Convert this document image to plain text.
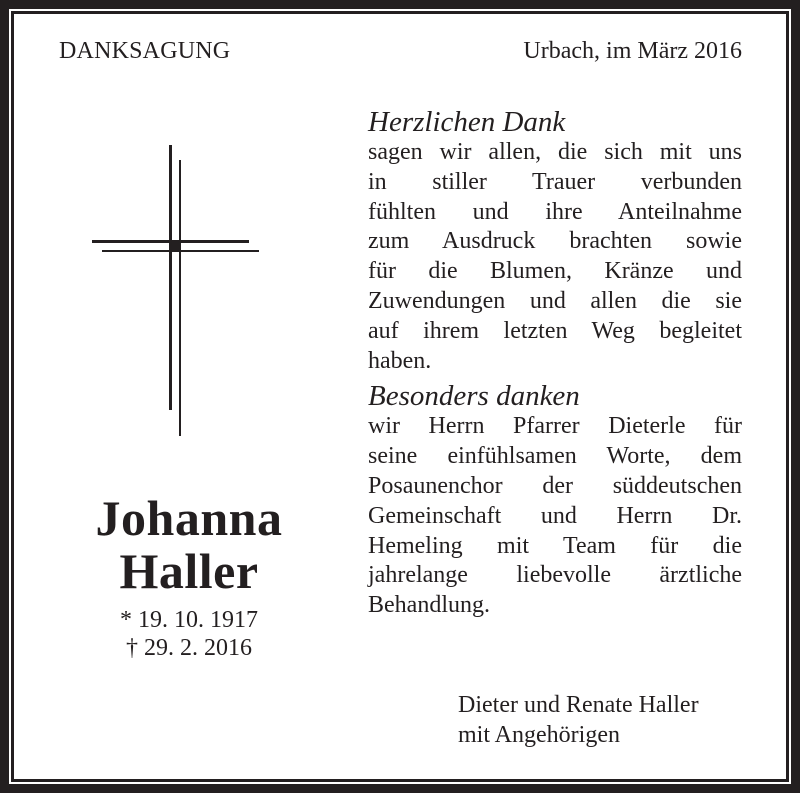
DANKSAGUNG	Urbach, im März 2016
Johanna
Haller
* 19. 10. 1917
† 29. 2. 2016

Herzlichen Dank

sagen wir allen, die sich mit uns
in stiller Trauer verbunden
fühlten und ihre Anteilnahme
zum Ausdruck brachten sowie
für die Blumen, Kränze und
Zuwendungen und allen die sie
auf ihrem letzten Weg begleitet
haben.

Besonders danken

wir Herrn Pfarrer Dieterle für
seine einfühlsamen Worte, dem
Posaunenchor der süddeutschen
Gemeinschaft und Herrn Dr.
Hemeling mit Team für die
jahrelange liebevolle ärztliche
Behandlung.

Dieter und Renate Haller
mit Angehörigen
